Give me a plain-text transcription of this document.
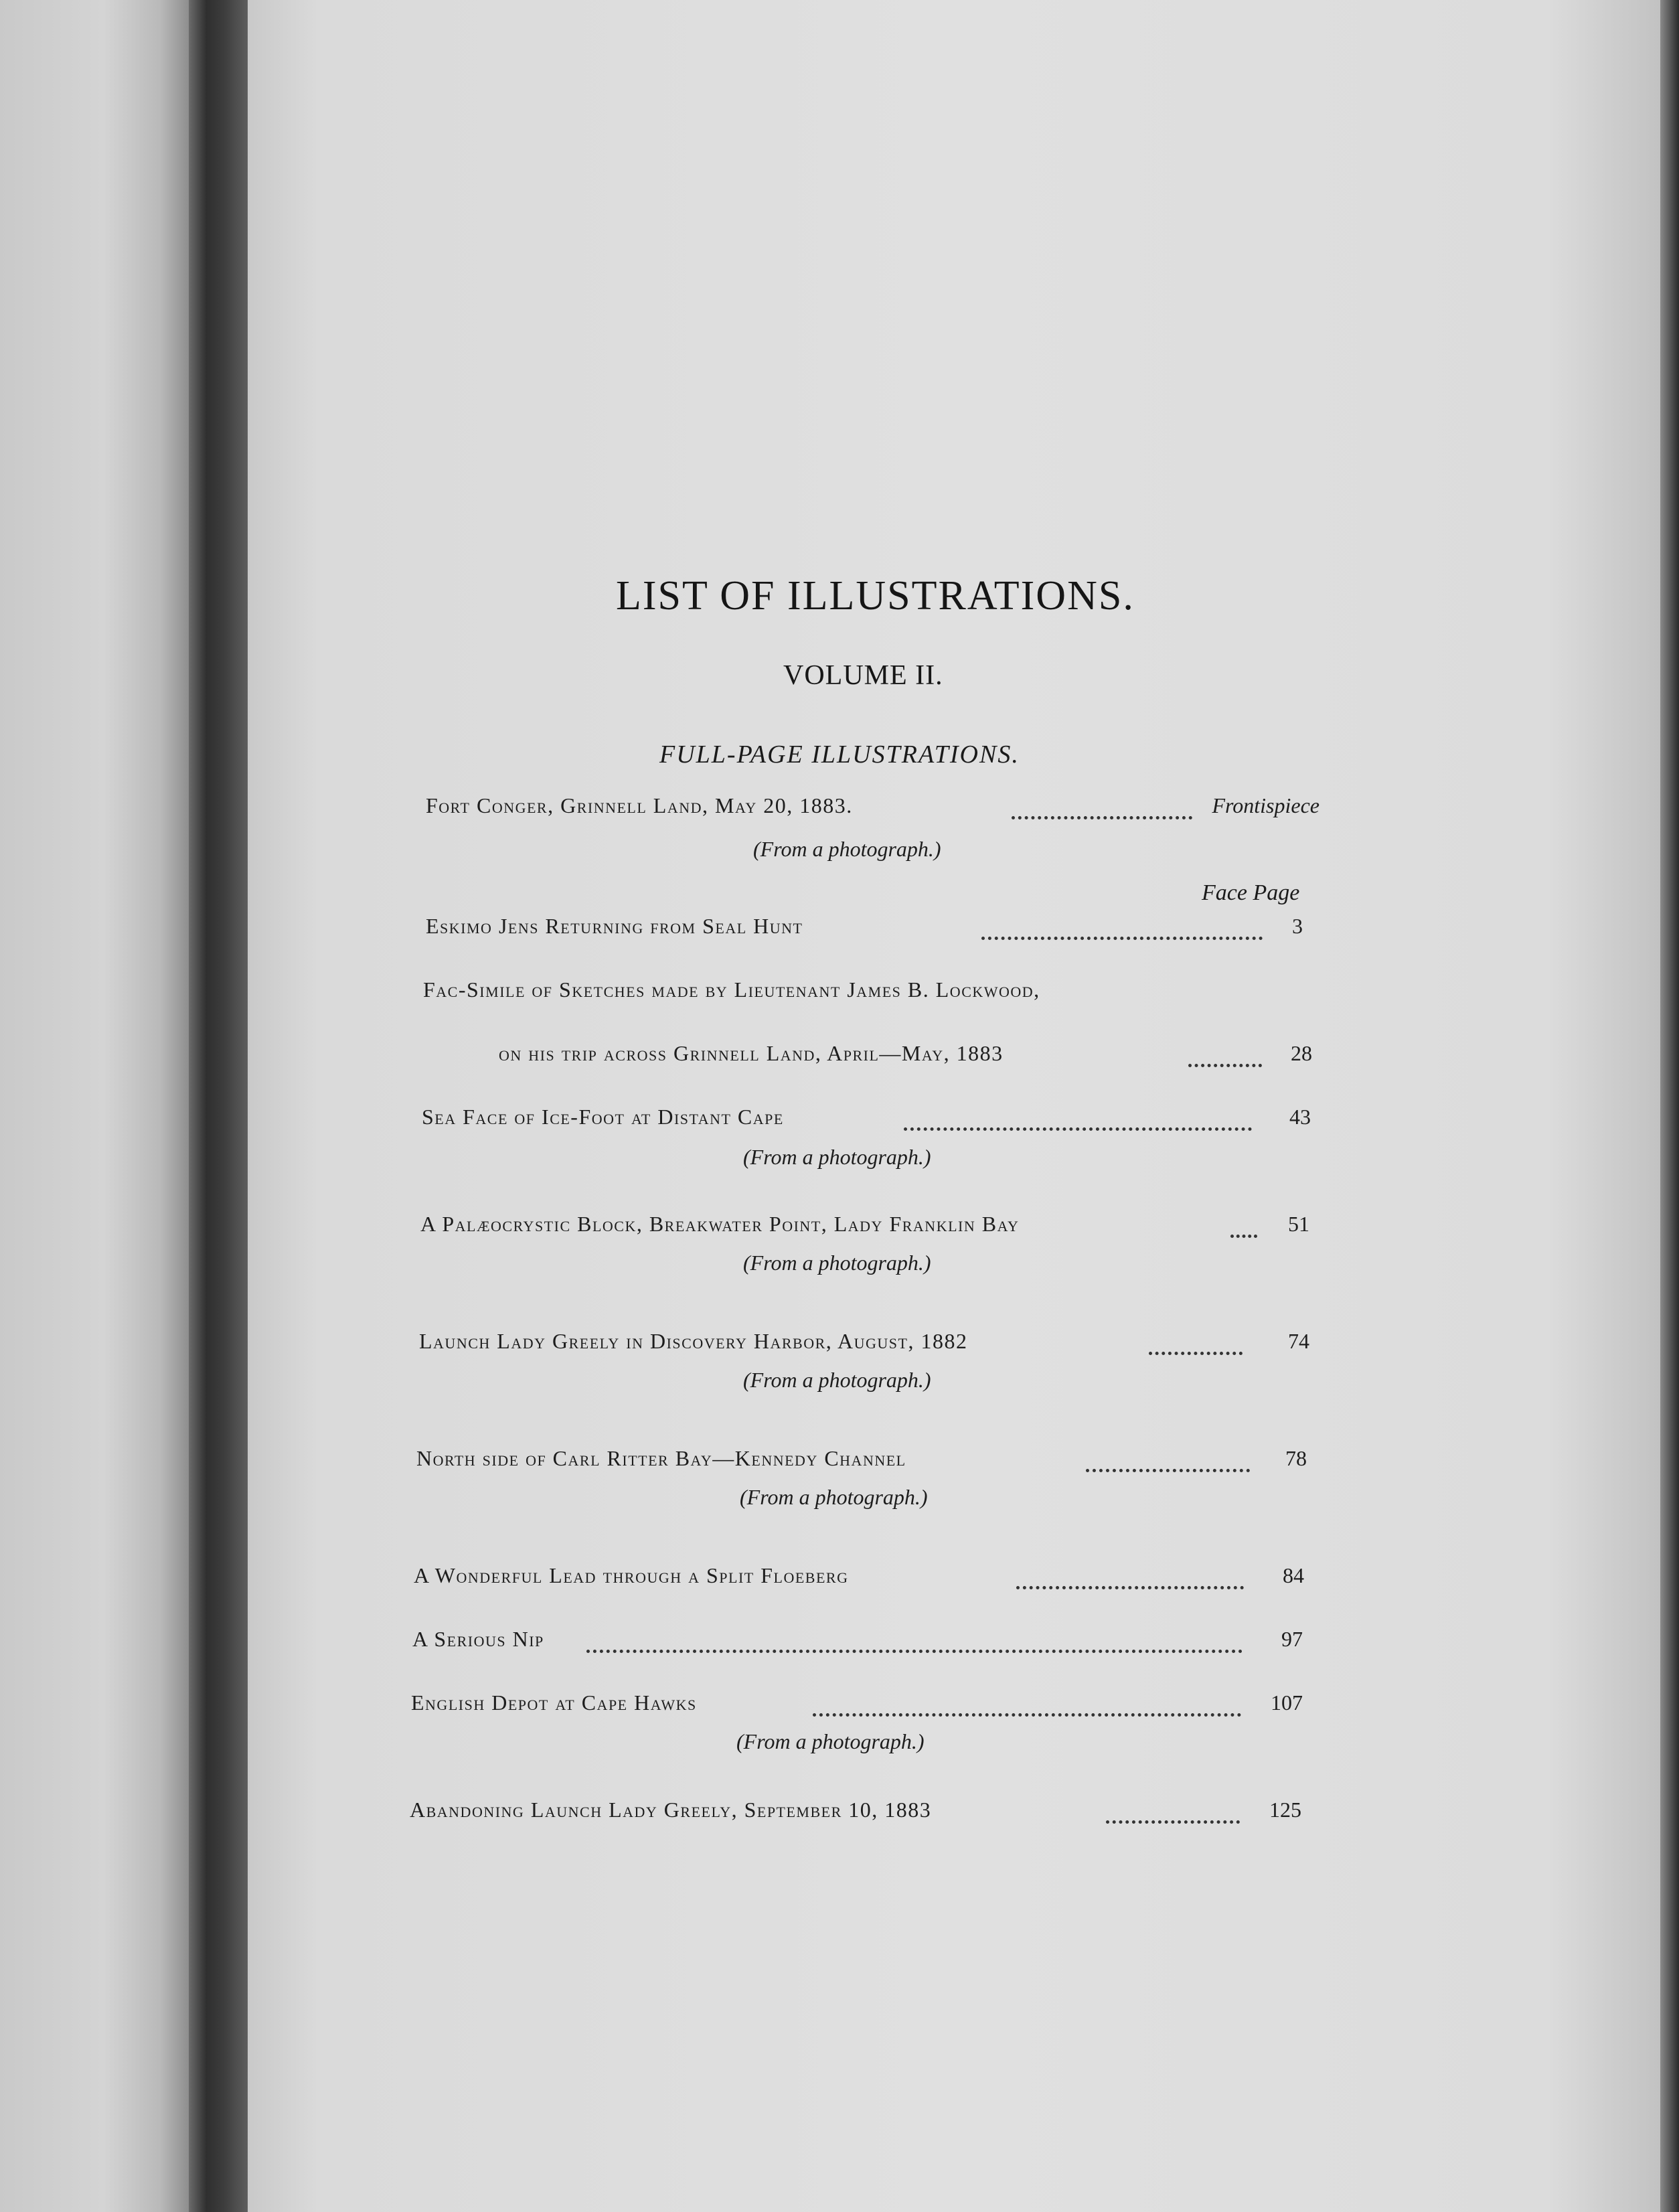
LIST OF ILLUSTRATIONS.
VOLUME II.
FULL-PAGE ILLUSTRATIONS.
Face Page
Fort Conger, Grinnell Land, May 20, 1883.	Frontispiece
(From a photograph.)
Eskimo Jens Returning from Seal Hunt	3
Fac-Simile of Sketches made by Lieutenant James B. Lockwood,
on his trip across Grinnell Land, April—May, 1883	28
Sea Face of Ice-Foot at Distant Cape	43
(From a photograph.)
A Palæocrystic Block, Breakwater Point, Lady Franklin Bay	51
(From a photograph.)
Launch Lady Greely in Discovery Harbor, August, 1882	74
(From a photograph.)
North side of Carl Ritter Bay—Kennedy Channel	78
(From a photograph.)
A Wonderful Lead through a Split Floeberg	84
A Serious Nip	97
English Depot at Cape Hawks	107
(From a photograph.)
Abandoning Launch Lady Greely, September 10, 1883	125
